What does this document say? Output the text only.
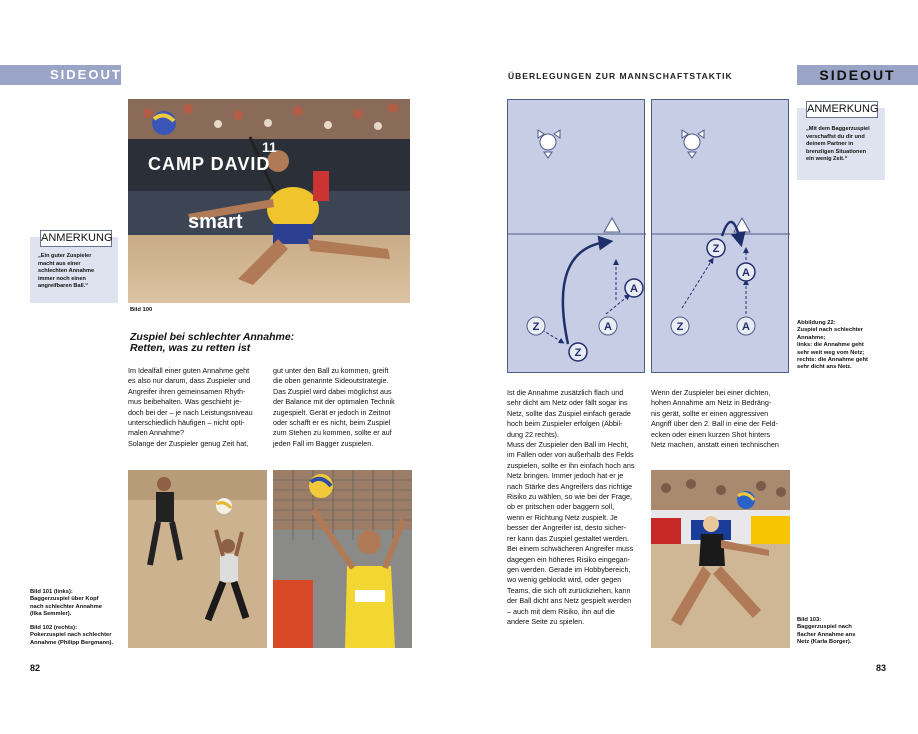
SIDEOUT
CAMP DAVID
smart
11
Bild 100
ANMERKUNG
„Ein guter Zuspieler
macht aus einer
schlechten Annahme
immer noch einen
angreifbaren Ball.“
Zuspiel bei schlechter Annahme:
Retten, was zu retten ist
Im Idealfall einer guten Annahme geht
es also nur darum, dass Zuspieler und
Angreifer ihren gemeinsamen Rhyth-
mus beibehalten. Was geschieht je-
doch bei der – je nach Leistungsniveau
unterschiedlich häufigen – nicht opti-
malen Annahme?
Solange der Zuspieler genug Zeit hat,
gut unter den Ball zu kommen, greift
die oben genannte Sideoutstrategie.
Das Zuspiel wird dabei möglichst aus
der Balance mit der optimalen Technik
zugespielt. Gerät er jedoch in Zeitnot
oder schafft er es nicht, beim Zuspiel
zum Stehen zu kommen, sollte er auf
jeden Fall im Bagger zuspielen.
Bild 101 (links):
Baggerzuspiel über Kopf
nach schlechter Annahme
(Ilka Semmler).
Bild 102 (rechts):
Pokerzuspiel nach schlechter
Annahme (Philipp Bergmann).
82
ÜBERLEGUNGEN ZUR MANNSCHAFTSTAKTIK	SIDEOUT
ANMERKUNG
„Mit dem Baggerzuspiel
verschaffst du dir und
deinem Partner in
brenzligen Situationen
ein wenig Zeit.“
Z
Z
A
A
Z
Z
A
A
Abbildung 22:
Zuspiel nach schlechter
Annahme;
links: die Annahme geht
sehr weit weg vom Netz;
rechts: die Annahme geht
sehr dicht ans Netz.
Ist die Annahme zusätzlich flach und
sehr dicht am Netz oder fällt sogar ins
Netz, sollte das Zuspiel einfach gerade
hoch beim Zuspieler erfolgen (Abbil-
dung 22 rechts).
Muss der Zuspieler den Ball im Hecht,
im Fallen oder von außerhalb des Felds
zuspielen, sollte er ihn einfach hoch ans
Netz bringen. Immer jedoch hat er je
nach Stärke des Angreifers das richtige
Risiko zu wählen, so wie bei der Frage,
ob er pritschen oder baggern soll,
wenn er Richtung Netz zuspielt. Je
besser der Angreifer ist, desto sicher-
rer kann das Zuspiel gestaltet werden.
Bei einem schwächeren Angreifer muss
dagegen ein höheres Risiko eingegan-
gen werden. Gerade im Hobbybereich,
wo wenig geblockt wird, oder gegen
Teams, die sich oft zurückziehen, kann
der Ball dicht ans Netz gespielt werden
– auch mit dem Risiko, ihn auf die
andere Seite zu spielen.
Wenn der Zuspieler bei einer dichten,
hohen Annahme am Netz in Bedräng-
nis gerät, sollte er einen aggressiven
Angriff über den 2. Ball in eine der Feld-
ecken oder einen kurzen Shot hinters
Netz machen, anstatt einen technischen
Bild 103:
Baggerzuspiel nach
flacher Annahme ans
Netz (Karla Borger).
83
